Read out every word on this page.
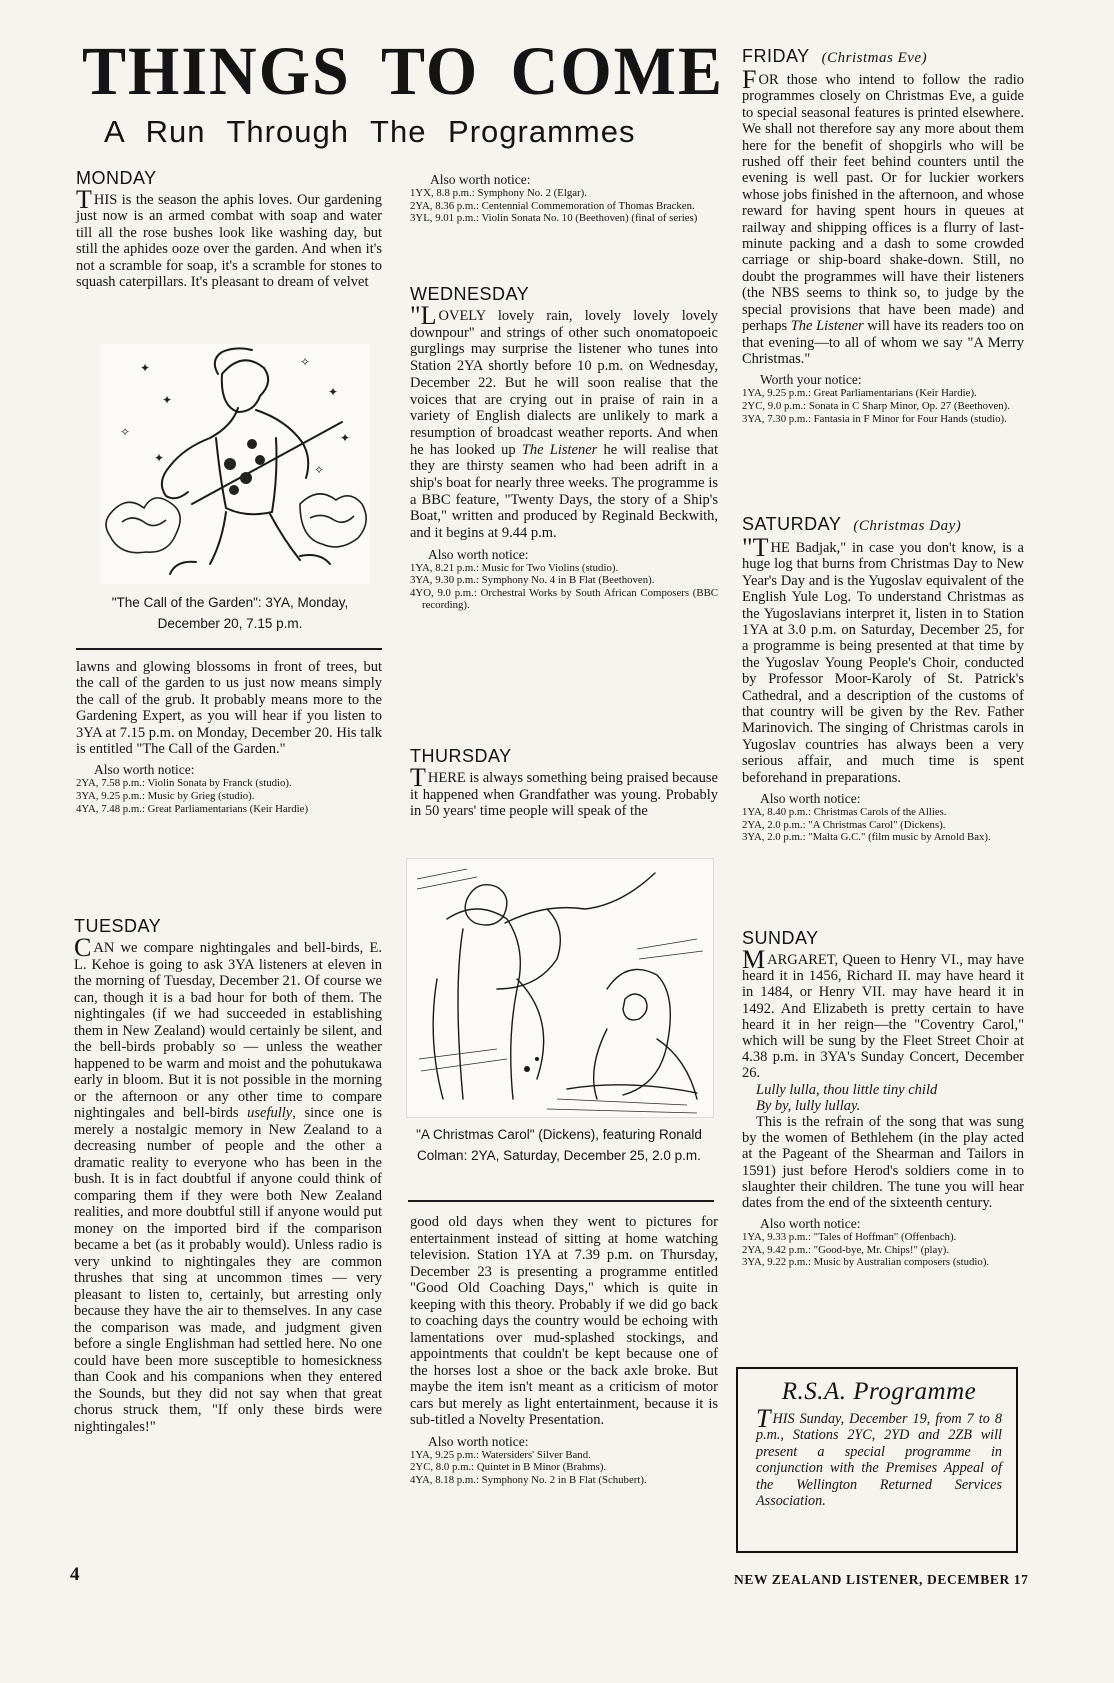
THINGS TO COME
A Run Through The Programmes
MONDAY

THIS is the season the aphis loves. Our gardening just now is an armed combat with soap and water till all the rose bushes look like washing day, but still the aphides ooze over the garden. And when it's not a scramble for soap, it's a scramble for stones to squash caterpillars. It's pleasant to dream of velvet

✦	✧
✦
✦
✧	✦
✦
✧
"The Call of the Garden": 3YA, Monday, December 20, 7.15 p.m.

lawns and glowing blossoms in front of trees, but the call of the garden to us just now means simply the call of the grub. It probably means more to the Gardening Expert, as you will hear if you listen to 3YA at 7.15 p.m. on Monday, December 20. His talk is entitled "The Call of the Garden."

Also worth notice:
2YA, 7.58 p.m.: Violin Sonata by Franck (studio).
3YA, 9.25 p.m.: Music by Grieg (studio).
4YA, 7.48 p.m.: Great Parliamentarians (Keir Hardie)
TUESDAY

CAN we compare nightingales and bell-birds, E. L. Kehoe is going to ask 3YA listeners at eleven in the morning of Tuesday, December 21. Of course we can, though it is a bad hour for both of them. The nightingales (if we had succeeded in establishing them in New Zealand) would certainly be silent, and the bell-birds probably so — unless the weather happened to be warm and moist and the pohutukawa early in bloom. But it is not possible in the morning or the afternoon or any other time to compare nightingales and bell-birds usefully, since one is merely a nostalgic memory in New Zealand to a decreasing number of people and the other a dramatic reality to everyone who has been in the bush. It is in fact doubtful if anyone could think of comparing them if they were both New Zealand realities, and more doubtful still if anyone would put money on the imported bird if the comparison became a bet (as it probably would). Unless radio is very unkind to nightingales they are common thrushes that sing at uncommon times — very pleasant to listen to, certainly, but arresting only because they have the air to themselves. In any case the comparison was made, and judgment given before a single Englishman had settled here. No one could have been more susceptible to homesickness than Cook and his companions when they entered the Sounds, but they did not say when that great chorus struck them, "If only these birds were nightingales!"

Also worth notice:
1YX, 8.8 p.m.: Symphony No. 2 (Elgar).
2YA, 8.36 p.m.: Centennial Commemoration of Thomas Bracken.
3YL, 9.01 p.m.: Violin Sonata No. 10 (Beethoven) (final of series)
WEDNESDAY

"LOVELY lovely rain, lovely lovely lovely downpour" and strings of other such onomatopoeic gurglings may surprise the listener who tunes into Station 2YA shortly before 10 p.m. on Wednesday, December 22. But he will soon realise that the voices that are crying out in praise of rain in a variety of English dialects are unlikely to mark a resumption of broadcast weather reports. And when he has looked up The Listener he will realise that they are thirsty seamen who had been adrift in a ship's boat for nearly three weeks. The programme is a BBC feature, "Twenty Days, the story of a Ship's Boat," written and produced by Reginald Beckwith, and it begins at 9.44 p.m.

Also worth notice:
1YA, 8.21 p.m.: Music for Two Violins (studio).
3YA, 9.30 p.m.: Symphony No. 4 in B Flat (Beethoven).
4YO, 9.0 p.m.: Orchestral Works by South African Composers (BBC recording).
THURSDAY

THERE is always something being praised because it happened when Grandfather was young. Probably in 50 years' time people will speak of the

"A Christmas Carol" (Dickens), featuring Ronald Colman: 2YA, Saturday, December 25, 2.0 p.m.

good old days when they went to pictures for entertainment instead of sitting at home watching television. Station 1YA at 7.39 p.m. on Thursday, December 23 is presenting a programme entitled "Good Old Coaching Days," which is quite in keeping with this theory. Probably if we did go back to coaching days the country would be echoing with lamentations over mud-splashed stockings, and appointments that couldn't be kept because one of the horses lost a shoe or the back axle broke. But maybe the item isn't meant as a criticism of motor cars but merely as light entertainment, because it is sub-titled a Novelty Presentation.

Also worth notice:
1YA, 9.25 p.m.: Watersiders' Silver Band.
2YC, 8.0 p.m.: Quintet in B Minor (Brahms).
4YA, 8.18 p.m.: Symphony No. 2 in B Flat (Schubert).
FRIDAY (Christmas Eve)

FOR those who intend to follow the radio programmes closely on Christmas Eve, a guide to special seasonal features is printed elsewhere. We shall not therefore say any more about them here for the benefit of shopgirls who will be rushed off their feet behind counters until the evening is well past. Or for luckier workers whose jobs finished in the afternoon, and whose reward for having spent hours in queues at railway and shipping offices is a flurry of last-minute packing and a dash to some crowded carriage or ship-board shake-down. Still, no doubt the programmes will have their listeners (the NBS seems to think so, to judge by the special provisions that have been made) and perhaps The Listener will have its readers too on that evening—to all of whom we say "A Merry Christmas."

Worth your notice:
1YA, 9.25 p.m.: Great Parliamentarians (Keir Hardie).
2YC, 9.0 p.m.: Sonata in C Sharp Minor, Op. 27 (Beethoven).
3YA, 7.30 p.m.: Fantasia in F Minor for Four Hands (studio).
SATURDAY (Christmas Day)

"THE Badjak," in case you don't know, is a huge log that burns from Christmas Day to New Year's Day and is the Yugoslav equivalent of the English Yule Log. To understand Christmas as the Yugoslavians interpret it, listen in to Station 1YA at 3.0 p.m. on Saturday, December 25, for a programme is being presented at that time by the Yugoslav Young People's Choir, conducted by Professor Moor-Karoly of St. Patrick's Cathedral, and a description of the customs of that country will be given by the Rev. Father Marinovich. The singing of Christmas carols in Yugoslav countries has always been a very serious affair, and much time is spent beforehand in preparations.

Also worth notice:
1YA, 8.40 p.m.: Christmas Carols of the Allies.
2YA, 2.0 p.m.: "A Christmas Carol" (Dickens).
3YA, 2.0 p.m.: "Malta G.C." (film music by Arnold Bax).
SUNDAY

MARGARET, Queen to Henry VI., may have heard it in 1456, Richard II. may have heard it in 1484, or Henry VII. may have heard it in 1492. And Elizabeth is pretty certain to have heard it in her reign—the "Coventry Carol," which will be sung by the Fleet Street Choir at 4.38 p.m. in 3YA's Sunday Concert, December 26.

Lully lulla, thou little tiny child
By by, lully lullay.

This is the refrain of the song that was sung by the women of Bethlehem (in the play acted at the Pageant of the Shearman and Tailors in 1591) just before Herod's soldiers come in to slaughter their children. The tune you will hear dates from the end of the sixteenth century.

Also worth notice:
1YA, 9.33 p.m.: "Tales of Hoffman" (Offenbach).
2YA, 9.42 p.m.: "Good-bye, Mr. Chips!" (play).
3YA, 9.22 p.m.: Music by Australian composers (studio).
R.S.A. Programme

THIS Sunday, December 19, from 7 to 8 p.m., Stations 2YC, 2YD and 2ZB will present a special programme in conjunction with the Premises Appeal of the Wellington Returned Services Association.

4	NEW ZEALAND LISTENER, DECEMBER 17
